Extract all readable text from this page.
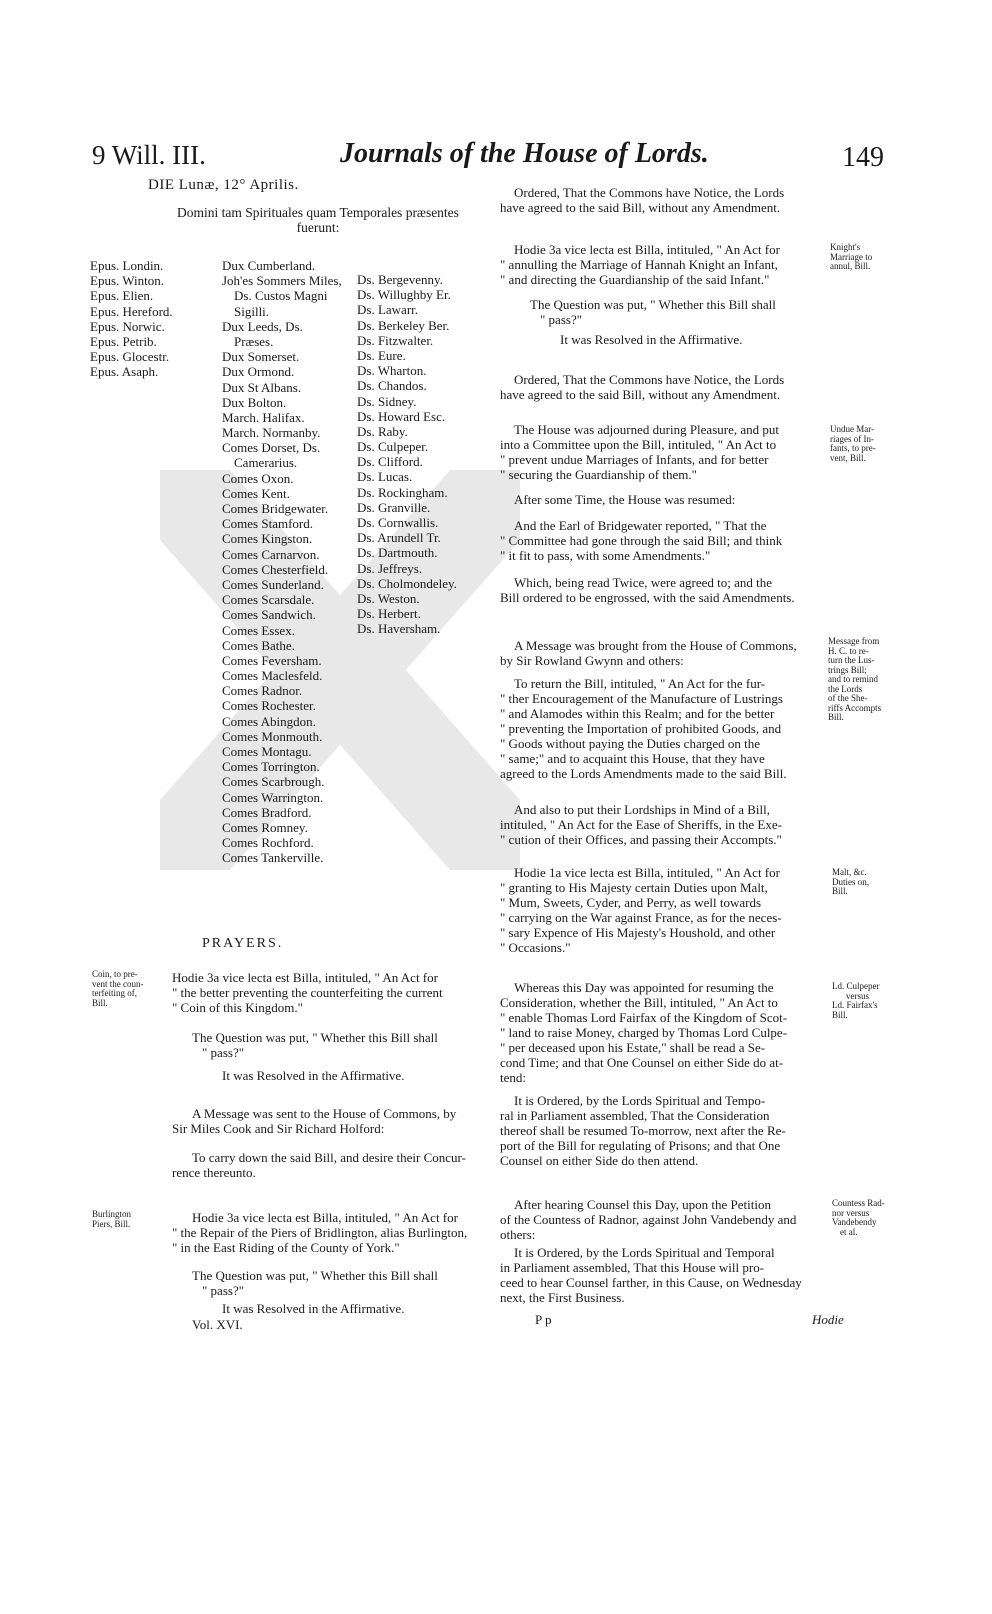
9 Will. III.	Journals of the House of Lords.	149
DIE Lunæ, 12° Aprilis.
Domini tam Spirituales quam Temporales præsentes
fuerunt:
Epus. Londin.
Epus. Winton.
Epus. Elien.
Epus. Hereford.
Epus. Norwic.
Epus. Petrib.
Epus. Glocestr.
Epus. Asaph.
Dux Cumberland.
Joh'es Sommers Miles,
Ds. Custos Magni
Sigilli.
Dux Leeds, Ds.
Præses.
Dux Somerset.
Dux Ormond.
Dux St Albans.
Dux Bolton.
March. Halifax.
March. Normanby.
Comes Dorset, Ds.
Camerarius.
Comes Oxon.
Comes Kent.
Comes Bridgewater.
Comes Stamford.
Comes Kingston.
Comes Carnarvon.
Comes Chesterfield.
Comes Sunderland.
Comes Scarsdale.
Comes Sandwich.
Comes Essex.
Comes Bathe.
Comes Feversham.
Comes Maclesfeld.
Comes Radnor.
Comes Rochester.
Comes Abingdon.
Comes Monmouth.
Comes Montagu.
Comes Torrington.
Comes Scarbrough.
Comes Warrington.
Comes Bradford.
Comes Romney.
Comes Rochford.
Comes Tankerville.
Ds. Bergevenny.
Ds. Willughby Er.
Ds. Lawarr.
Ds. Berkeley Ber.
Ds. Fitzwalter.
Ds. Eure.
Ds. Wharton.
Ds. Chandos.
Ds. Sidney.
Ds. Howard Esc.
Ds. Raby.
Ds. Culpeper.
Ds. Clifford.
Ds. Lucas.
Ds. Rockingham.
Ds. Granville.
Ds. Cornwallis.
Ds. Arundell Tr.
Ds. Dartmouth.
Ds. Jeffreys.
Ds. Cholmondeley.
Ds. Weston.
Ds. Herbert.
Ds. Haversham.
PRAYERS.
Coin, to pre-
vent the coun-
terfeiting of,
Bill.
Hodie 3a vice lecta est Billa, intituled, " An Act for
" the better preventing the counterfeiting the current
" Coin of this Kingdom."
The Question was put, " Whether this Bill shall
" pass?"
It was Resolved in the Affirmative.
A Message was sent to the House of Commons, by
Sir Miles Cook and Sir Richard Holford:
To carry down the said Bill, and desire their Concur-
rence thereunto.
Burlington
Piers, Bill.	Hodie 3a vice lecta est Billa, intituled, " An Act for
" the Repair of the Piers of Bridlington, alias Burlington,
" in the East Riding of the County of York."
The Question was put, " Whether this Bill shall
" pass?"
It was Resolved in the Affirmative.
Vol. XVI.
Ordered, That the Commons have Notice, the Lords
have agreed to the said Bill, without any Amendment.
Hodie 3a vice lecta est Billa, intituled, " An Act for
" annulling the Marriage of Hannah Knight an Infant,
" and directing the Guardianship of the said Infant."
Knight's
Marriage to
annul, Bill.
The Question was put, " Whether this Bill shall
" pass?"
It was Resolved in the Affirmative.
Ordered, That the Commons have Notice, the Lords
have agreed to the said Bill, without any Amendment.
The House was adjourned during Pleasure, and put
into a Committee upon the Bill, intituled, " An Act to
" prevent undue Marriages of Infants, and for better
" securing the Guardianship of them."
Undue Mar-
riages of In-
fants, to pre-
vent, Bill.
After some Time, the House was resumed:
And the Earl of Bridgewater reported, " That the
" Committee had gone through the said Bill; and think
" it fit to pass, with some Amendments."
Which, being read Twice, were agreed to; and the
Bill ordered to be engrossed, with the said Amendments.
A Message was brought from the House of Commons,
by Sir Rowland Gwynn and others:
Message from
H. C. to re-
turn the Lus-
trings Bill;
and to remind
the Lords
of the She-
riffs Accompts
Bill.
To return the Bill, intituled, " An Act for the fur-
" ther Encouragement of the Manufacture of Lustrings
" and Alamodes within this Realm; and for the better
" preventing the Importation of prohibited Goods, and
" Goods without paying the Duties charged on the
" same;" and to acquaint this House, that they have
agreed to the Lords Amendments made to the said Bill.
And also to put their Lordships in Mind of a Bill,
intituled, " An Act for the Ease of Sheriffs, in the Exe-
" cution of their Offices, and passing their Accompts."
Hodie 1a vice lecta est Billa, intituled, " An Act for
" granting to His Majesty certain Duties upon Malt,
" Mum, Sweets, Cyder, and Perry, as well towards
" carrying on the War against France, as for the neces-
" sary Expence of His Majesty's Houshold, and other
" Occasions."
Malt, &c.
Duties on,
Bill.
Whereas this Day was appointed for resuming the
Consideration, whether the Bill, intituled, " An Act to
" enable Thomas Lord Fairfax of the Kingdom of Scot-
" land to raise Money, charged by Thomas Lord Culpe-
" per deceased upon his Estate," shall be read a Se-
cond Time; and that One Counsel on either Side do at-
tend:
Ld. Culpeper
versus
Ld. Fairfax's
Bill.
It is Ordered, by the Lords Spiritual and Tempo-
ral in Parliament assembled, That the Consideration
thereof shall be resumed To-morrow, next after the Re-
port of the Bill for regulating of Prisons; and that One
Counsel on either Side do then attend.
After hearing Counsel this Day, upon the Petition
of the Countess of Radnor, against John Vandebendy and
others:
Countess Rad-
nor versus
Vandebendy
et al.
It is Ordered, by the Lords Spiritual and Temporal
in Parliament assembled, That this House will pro-
ceed to hear Counsel farther, in this Cause, on Wednesday
next, the First Business.
P p	Hodie
